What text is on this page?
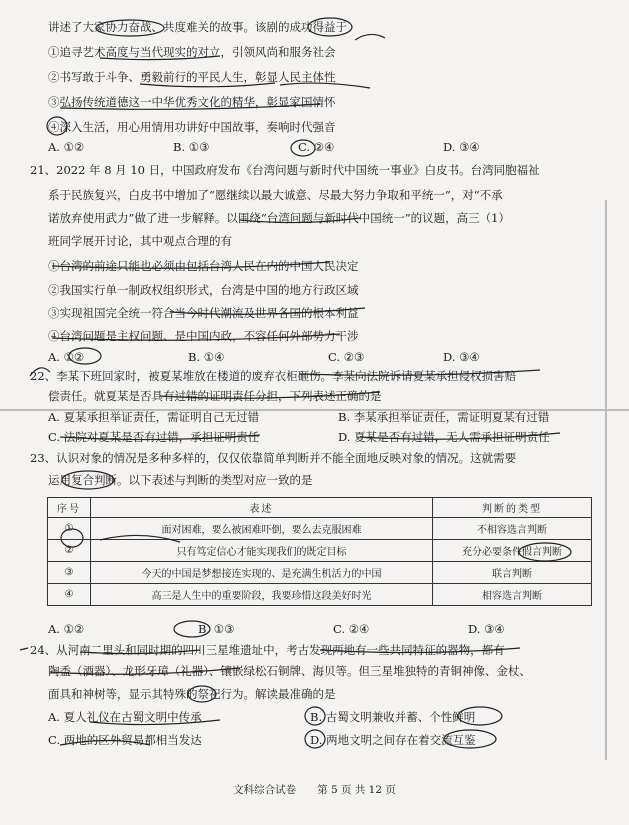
讲述了大家协力奋战、共度难关的故事。该剧的成功得益于
①追寻艺术高度与当代现实的对立，引领风尚和服务社会
②书写敢于斗争、勇毅前行的平民人生，彰显人民主体性
③弘扬传统道德这一中华优秀文化的精华，彰显家国情怀
④深入生活，用心用情用功讲好中国故事，奏响时代强音
A. ①②	B. ①③	C. ②④	D. ③④
21、2022 年 8 月 10 日，中国政府发布《台湾问题与新时代中国统一事业》白皮书。台湾同胞福祉
系于民族复兴，白皮书中增加了“愿继续以最大诚意、尽最大努力争取和平统一”，对“不承
诺放弃使用武力”做了进一步解释。以围绕“台湾问题与新时代中国统一”的议题，高三（1）
班同学展开讨论，其中观点合理的有
①台湾的前途只能也必须由包括台湾人民在内的中国人民决定
②我国实行单一制政权组织形式，台湾是中国的地方行政区域
③实现祖国完全统一符合当今时代潮流及世界各国的根本利益
④台湾问题是主权问题、是中国内政，不容任何外部势力干涉
A. ①②	B. ①④	C. ②③	D. ③④
22、李某下班回家时，被夏某堆放在楼道的废弃衣柜砸伤。李某向法院诉请夏某承担侵权损害赔
偿责任。就夏某是否具有过错的证明责任分担，下列表述正确的是
A. 夏某承担举证责任，需证明自己无过错	B. 李某承担举证责任，需证明夏某有过错
C. 法院对夏某是否有过错，承担证明责任	D. 夏某是否有过错，无人需承担证明责任
23、认识对象的情况是多种多样的，仅仅依靠简单判断并不能全面地反映对象的情况。这就需要
运用复合判断。以下表述与判断的类型对应一致的是
序号	表述	判断的类型
①	面对困难，要么被困难吓倒，要么去克服困难	不相容选言判断
②	只有笃定信心才能实现我们的既定目标	充分必要条件假言判断
③	今天的中国是梦想接连实现的、是充满生机活力的中国	联言判断
④	高三是人生中的重要阶段，我要珍惜这段美好时光	相容选言判断
A. ①②	B. ①③	C. ②④	D. ③④
24、从河南二里头和同时期的四川三星堆遗址中，考古发现两地有一些共同特征的器物，都有
陶盉（酒器）、龙形牙璋（礼器）、镶嵌绿松石铜牌、海贝等。但三星堆独特的青铜神像、金杖、
面具和神树等，显示其特殊的祭祀行为。解读最准确的是
A. 夏人礼仪在古蜀文明中传承	B. 古蜀文明兼收并蓄、个性鲜明
C. 两地的区外贸易都相当发达	D. 两地文明之间存在着交流互鉴
文科综合试卷　　第 5 页 共 12 页
